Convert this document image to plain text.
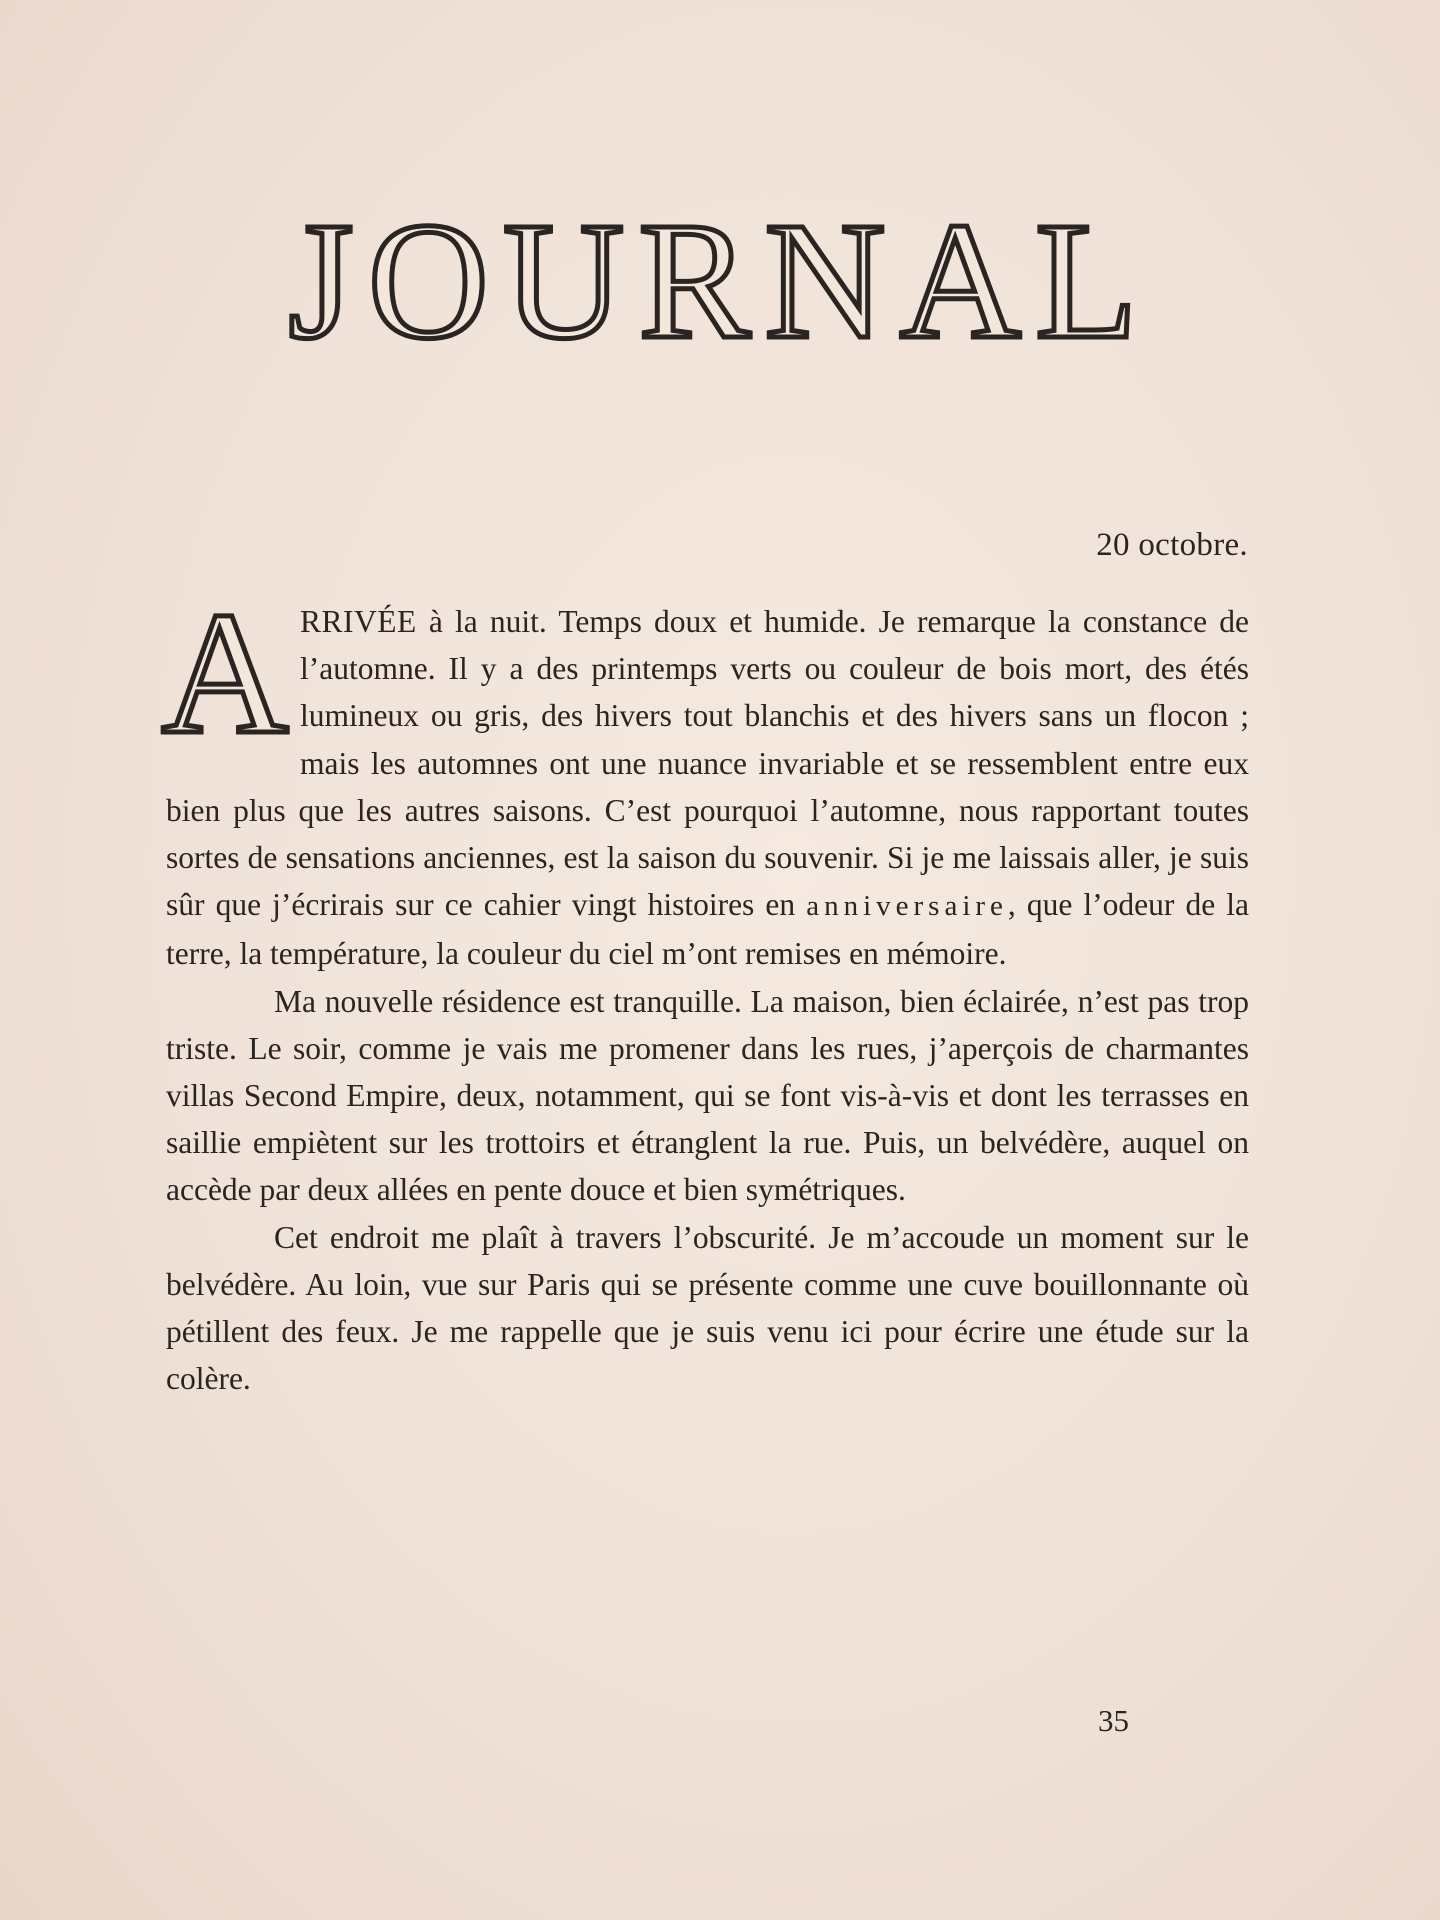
JOURNAL
20 octobre.

A RRIVÉE à la nuit. Temps doux et humide. Je remarque la constance de l’automne. Il y a des printemps verts ou couleur de bois mort, des étés lumineux ou gris, des hivers tout blanchis et des hivers sans un flocon ; mais les automnes ont une nuance invariable et se ressemblent entre eux bien plus que les autres saisons. C’est pourquoi l’automne, nous rapportant toutes sortes de sensations anciennes, est la saison du souvenir. Si je me laissais aller, je suis sûr que j’écrirais sur ce cahier vingt histoires en anniversaire, que l’odeur de la terre, la température, la couleur du ciel m’ont remises en mémoire.

Ma nouvelle résidence est tranquille. La maison, bien éclairée, n’est pas trop triste. Le soir, comme je vais me promener dans les rues, j’aperçois de charmantes villas Second Empire, deux, notamment, qui se font vis-à-vis et dont les terrasses en saillie empiètent sur les trottoirs et étranglent la rue. Puis, un belvédère, auquel on accède par deux allées en pente douce et bien symétriques.

Cet endroit me plaît à travers l’obscurité. Je m’accoude un moment sur le belvédère. Au loin, vue sur Paris qui se présente comme une cuve bouillonnante où pétillent des feux. Je me rappelle que je suis venu ici pour écrire une étude sur la colère.

35
